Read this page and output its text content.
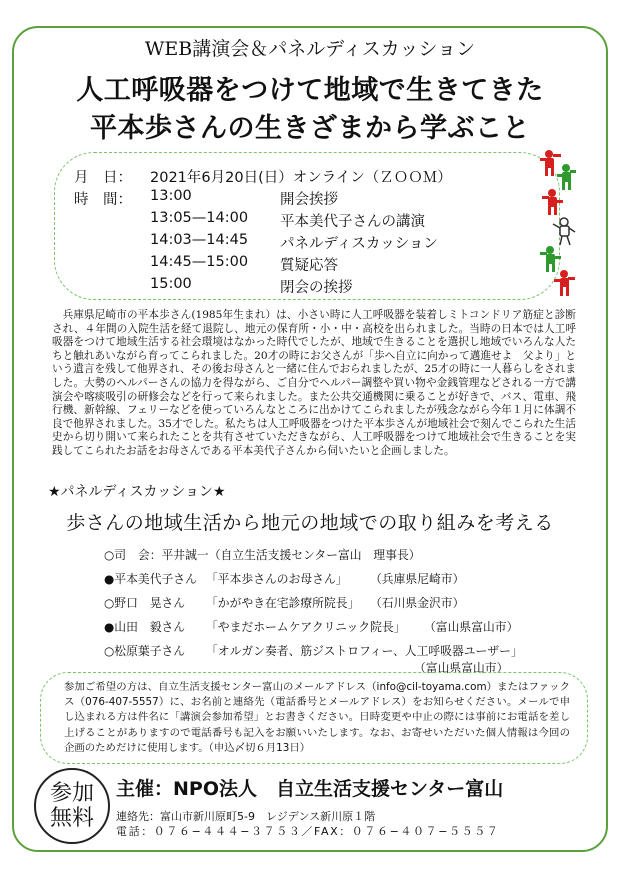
WEB講演会＆パネルディスカッション
人工呼吸器をつけて地域で生きてきた
平本歩さんの生きざまから学ぶこと
月　日： 2021年6月20日(日）オンライン（ＺＯＯＭ）
時　間： 13:00	開会挨拶
13:05—14:00 平本美代子さんの講演
14:03—14:45 パネルディスカッション
14:45—15:00 質疑応答
15:00	閉会の挨拶
兵庫県尼崎市の平本歩さん(1985年生まれ）は、小さい時に人工呼吸器を装着しミトコンドリア筋症と診断され、４年間の入院生活を経て退院し、地元の保育所・小・中・高校を出られました。当時の日本では人工呼吸器をつけて地域生活する社会環境はなかった時代でしたが、地域で生きることを選択し地域でいろんな人たちと触れあいながら育ってこられました。20才の時にお父さんが「歩へ自立に向かって邁進せよ　父より」という遺言を残して他界され、その後お母さんと一緒に住んでおられましたが、25才の時に一人暮らしをされました。大勢のヘルパーさんの協力を得ながら、ご自分でヘルパー調整や買い物や金銭管理などされる一方で講演会や喀痰吸引の研修会などを行って来られました。また公共交通機関に乗ることが好きで、バス、電車、飛行機、新幹線、フェリーなどを使っていろんなところに出かけてこられましたが残念ながら今年１月に体調不良で他界されました。35才でした。私たちは人工呼吸器をつけた平本歩さんが地域社会で刻んでこられた生活史から切り開いて来られたことを共有させていただきながら、人工呼吸器をつけて地域社会で生きることを実践してこられたお話をお母さんである平本美代子さんから伺いたいと企画しました。
★パネルディスカッション★
歩さんの地域生活から地元の地域での取り組みを考える
○司　会：平井誠一（自立生活支援センター富山　理事長）
●平本美代子さん 「平本歩さんのお母さん」 （兵庫県尼崎市）
○野口　晃さん 「かがやき在宅診療所院長」 （石川県金沢市）
●山田　毅さん 「やまだホームケアクリニック院長」 （富山県富山市）
○松原葉子さん 「オルガン奏者、筋ジストロフィー、人工呼吸器ユーザー」
（富山県富山市）
参加ご希望の方は、自立生活支援センター富山のメールアドレス（info@cil-toyama.com）またはファックス（076-407-5557）に、お名前と連絡先（電話番号とメールアドレス）をお知らせください。メールで申し込まれる方は件名に「講演会参加希望」とお書きください。日時変更や中止の際には事前にお電話を差し上げることがありますので電話番号も記入をお願いいたします。なお、お寄せいただいた個人情報は今回の企画のためだけに使用します。（申込〆切６月13日）
参加
無料
主催：NPO法人　自立生活支援センター富山
連絡先：富山市新川原町5-9　レジデンス新川原１階
電話：０７６−４４４−３７５３／FAX：０７６−４０７−５５５７
